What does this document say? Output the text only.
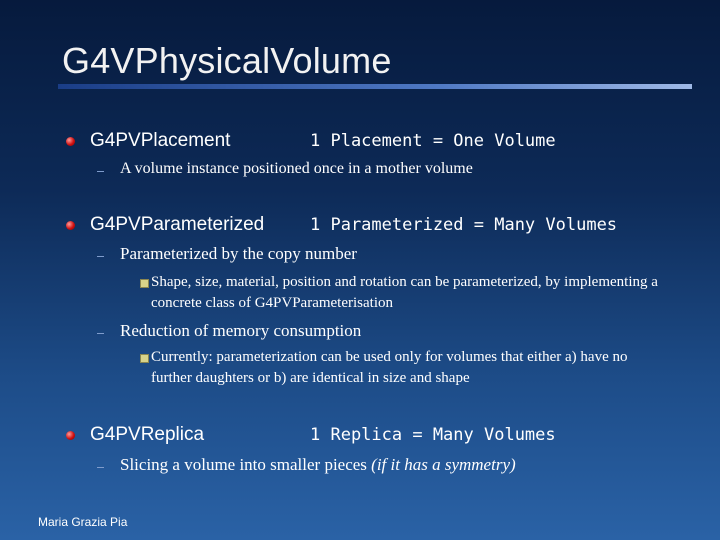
G4VPhysicalVolume
G4PVPlacement	1 Placement = One Volume
A volume instance positioned once in a mother volume
G4PVParameterized	1 Parameterized = Many Volumes
Parameterized by the copy number
Shape, size, material, position and rotation can be parameterized, by implementing a concrete class of G4PVParameterisation
Reduction of memory consumption
Currently: parameterization can be used only for volumes that either a) have no further daughters or b) are identical in size and shape
G4PVReplica	1 Replica = Many Volumes
Slicing a volume into smaller pieces (if it has a symmetry)
Maria Grazia Pia
